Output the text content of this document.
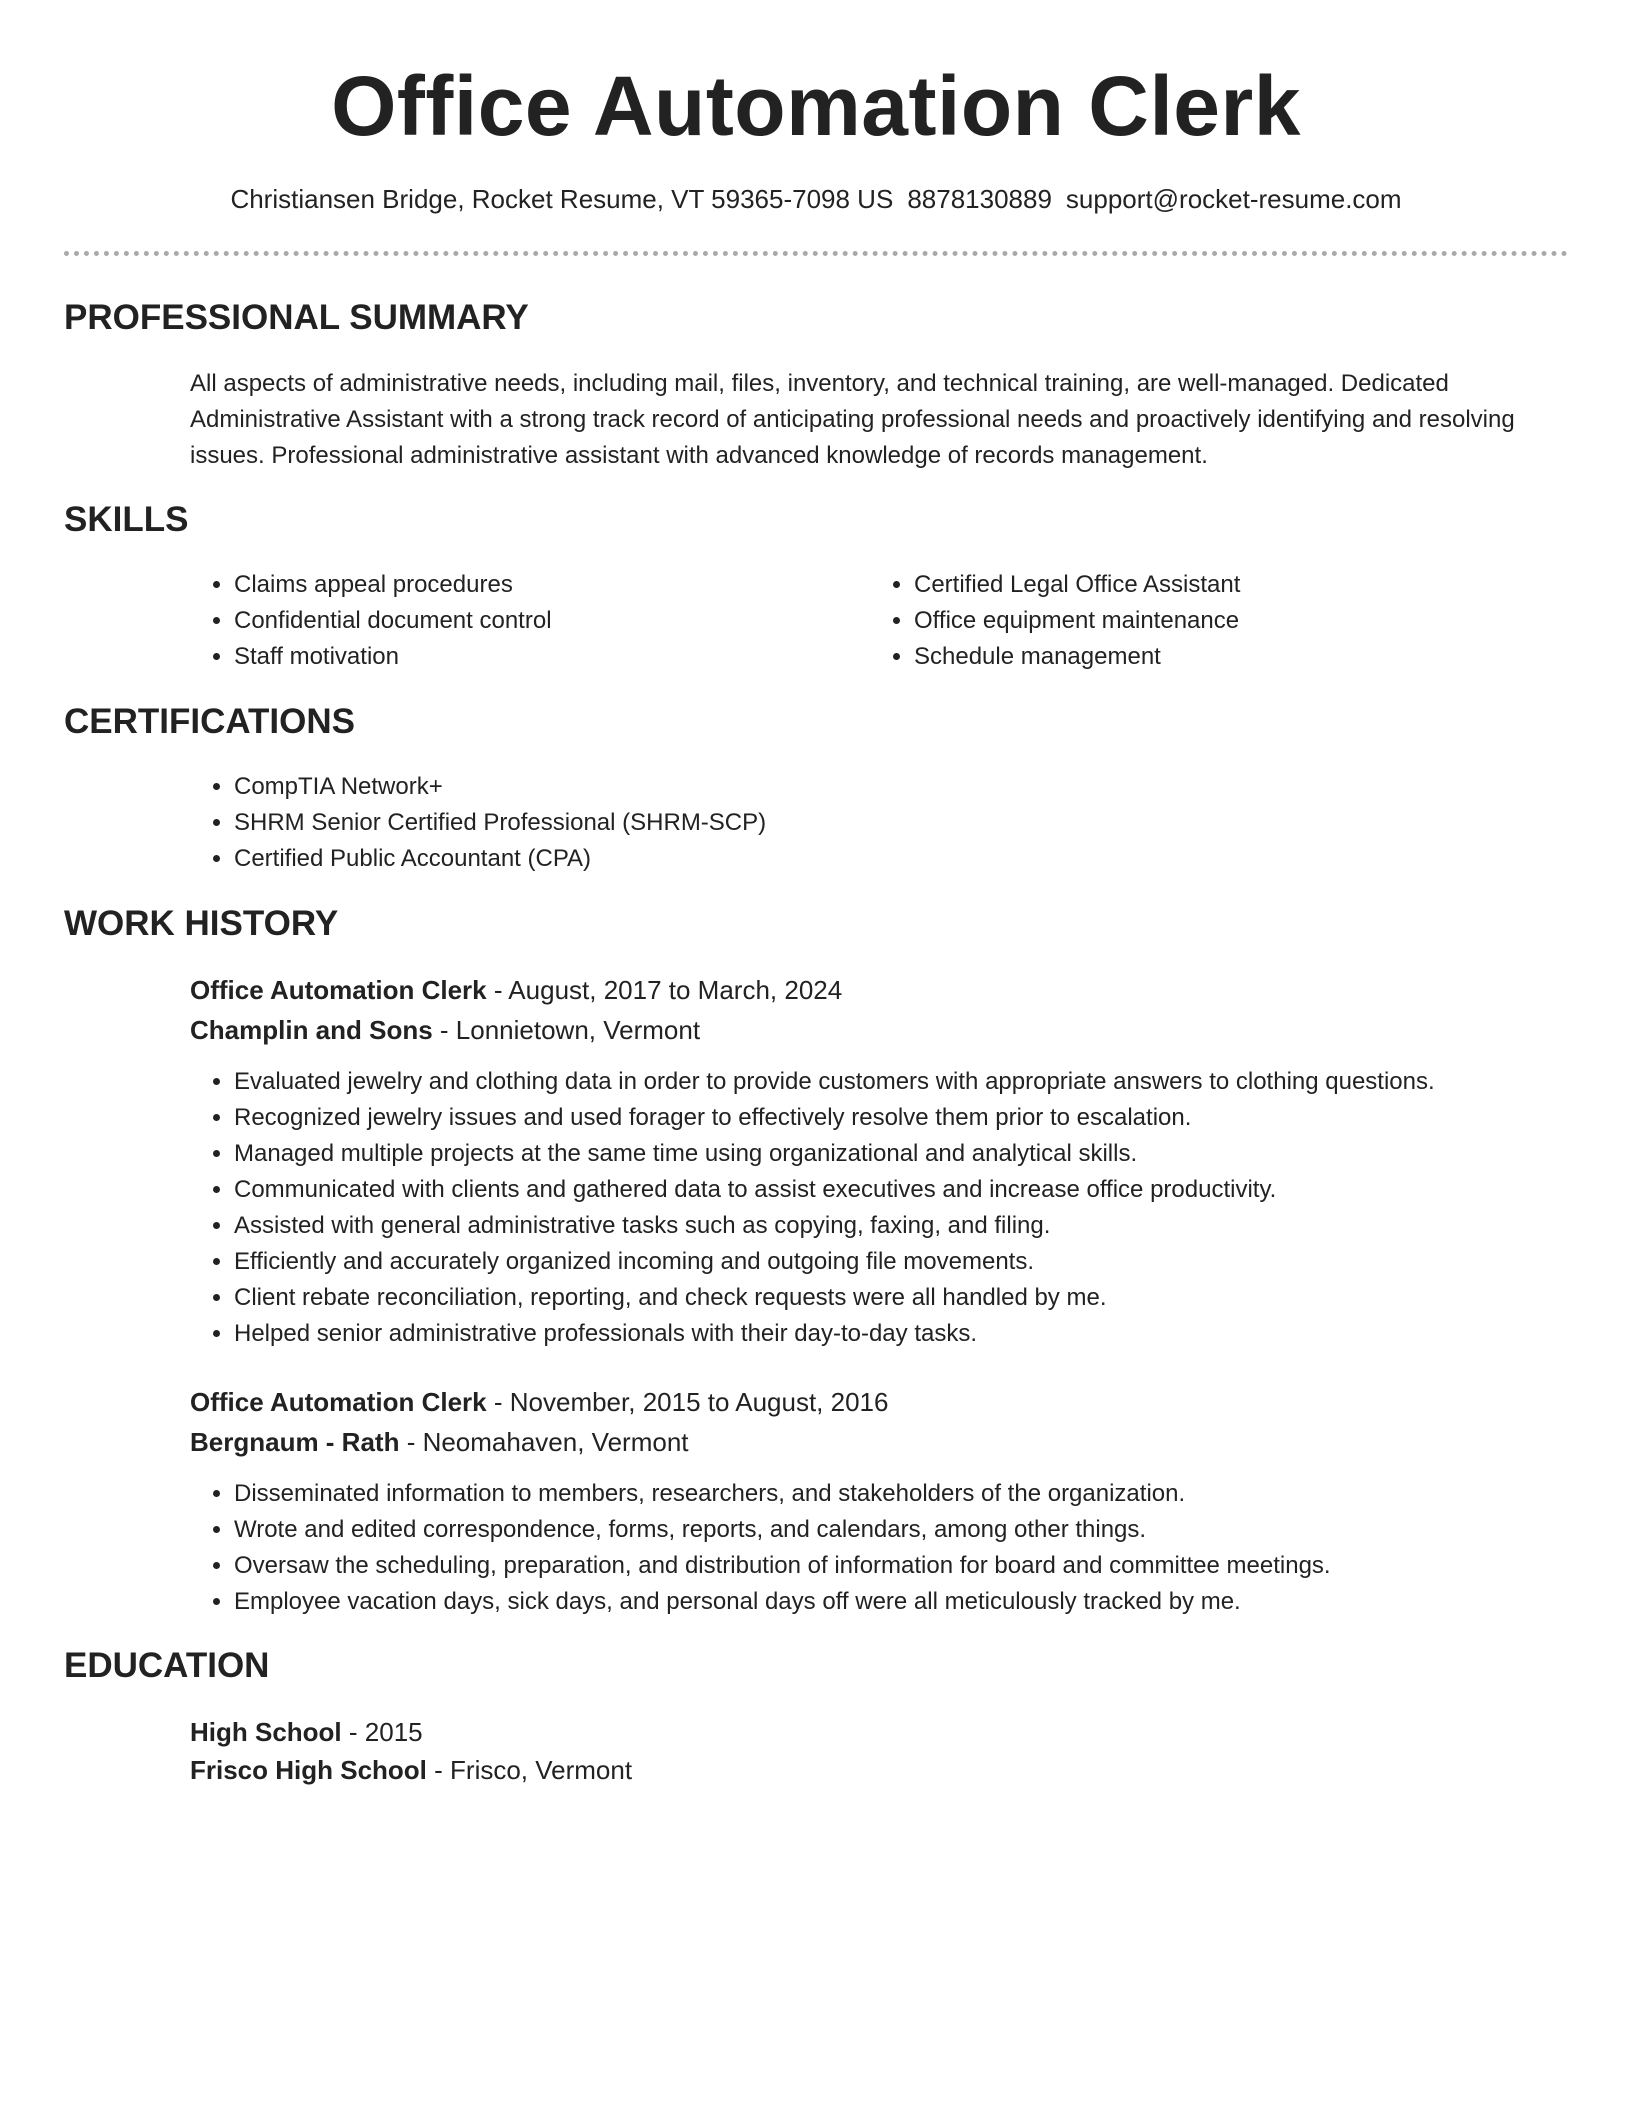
Office Automation Clerk
Christiansen Bridge, Rocket Resume, VT 59365-7098 US 8878130889 support@rocket-resume.com
PROFESSIONAL SUMMARY

All aspects of administrative needs, including mail, files, inventory, and technical training, are well-managed. Dedicated Administrative Assistant with a strong track record of anticipating professional needs and proactively identifying and resolving issues. Professional administrative assistant with advanced knowledge of records management.

SKILLS
• Claims appeal procedures
• Confidential document control
• Staff motivation
• Certified Legal Office Assistant
• Office equipment maintenance
• Schedule management
CERTIFICATIONS
• CompTIA Network+
• SHRM Senior Certified Professional (SHRM-SCP)
• Certified Public Accountant (CPA)
WORK HISTORY
Office Automation Clerk - August, 2017 to March, 2024
Champlin and Sons - Lonnietown, Vermont
• Evaluated jewelry and clothing data in order to provide customers with appropriate answers to clothing questions.
• Recognized jewelry issues and used forager to effectively resolve them prior to escalation.
• Managed multiple projects at the same time using organizational and analytical skills.
• Communicated with clients and gathered data to assist executives and increase office productivity.
• Assisted with general administrative tasks such as copying, faxing, and filing.
• Efficiently and accurately organized incoming and outgoing file movements.
• Client rebate reconciliation, reporting, and check requests were all handled by me.
• Helped senior administrative professionals with their day-to-day tasks.
Office Automation Clerk - November, 2015 to August, 2016
Bergnaum - Rath - Neomahaven, Vermont
• Disseminated information to members, researchers, and stakeholders of the organization.
• Wrote and edited correspondence, forms, reports, and calendars, among other things.
• Oversaw the scheduling, preparation, and distribution of information for board and committee meetings.
• Employee vacation days, sick days, and personal days off were all meticulously tracked by me.
EDUCATION
High School - 2015
Frisco High School - Frisco, Vermont
